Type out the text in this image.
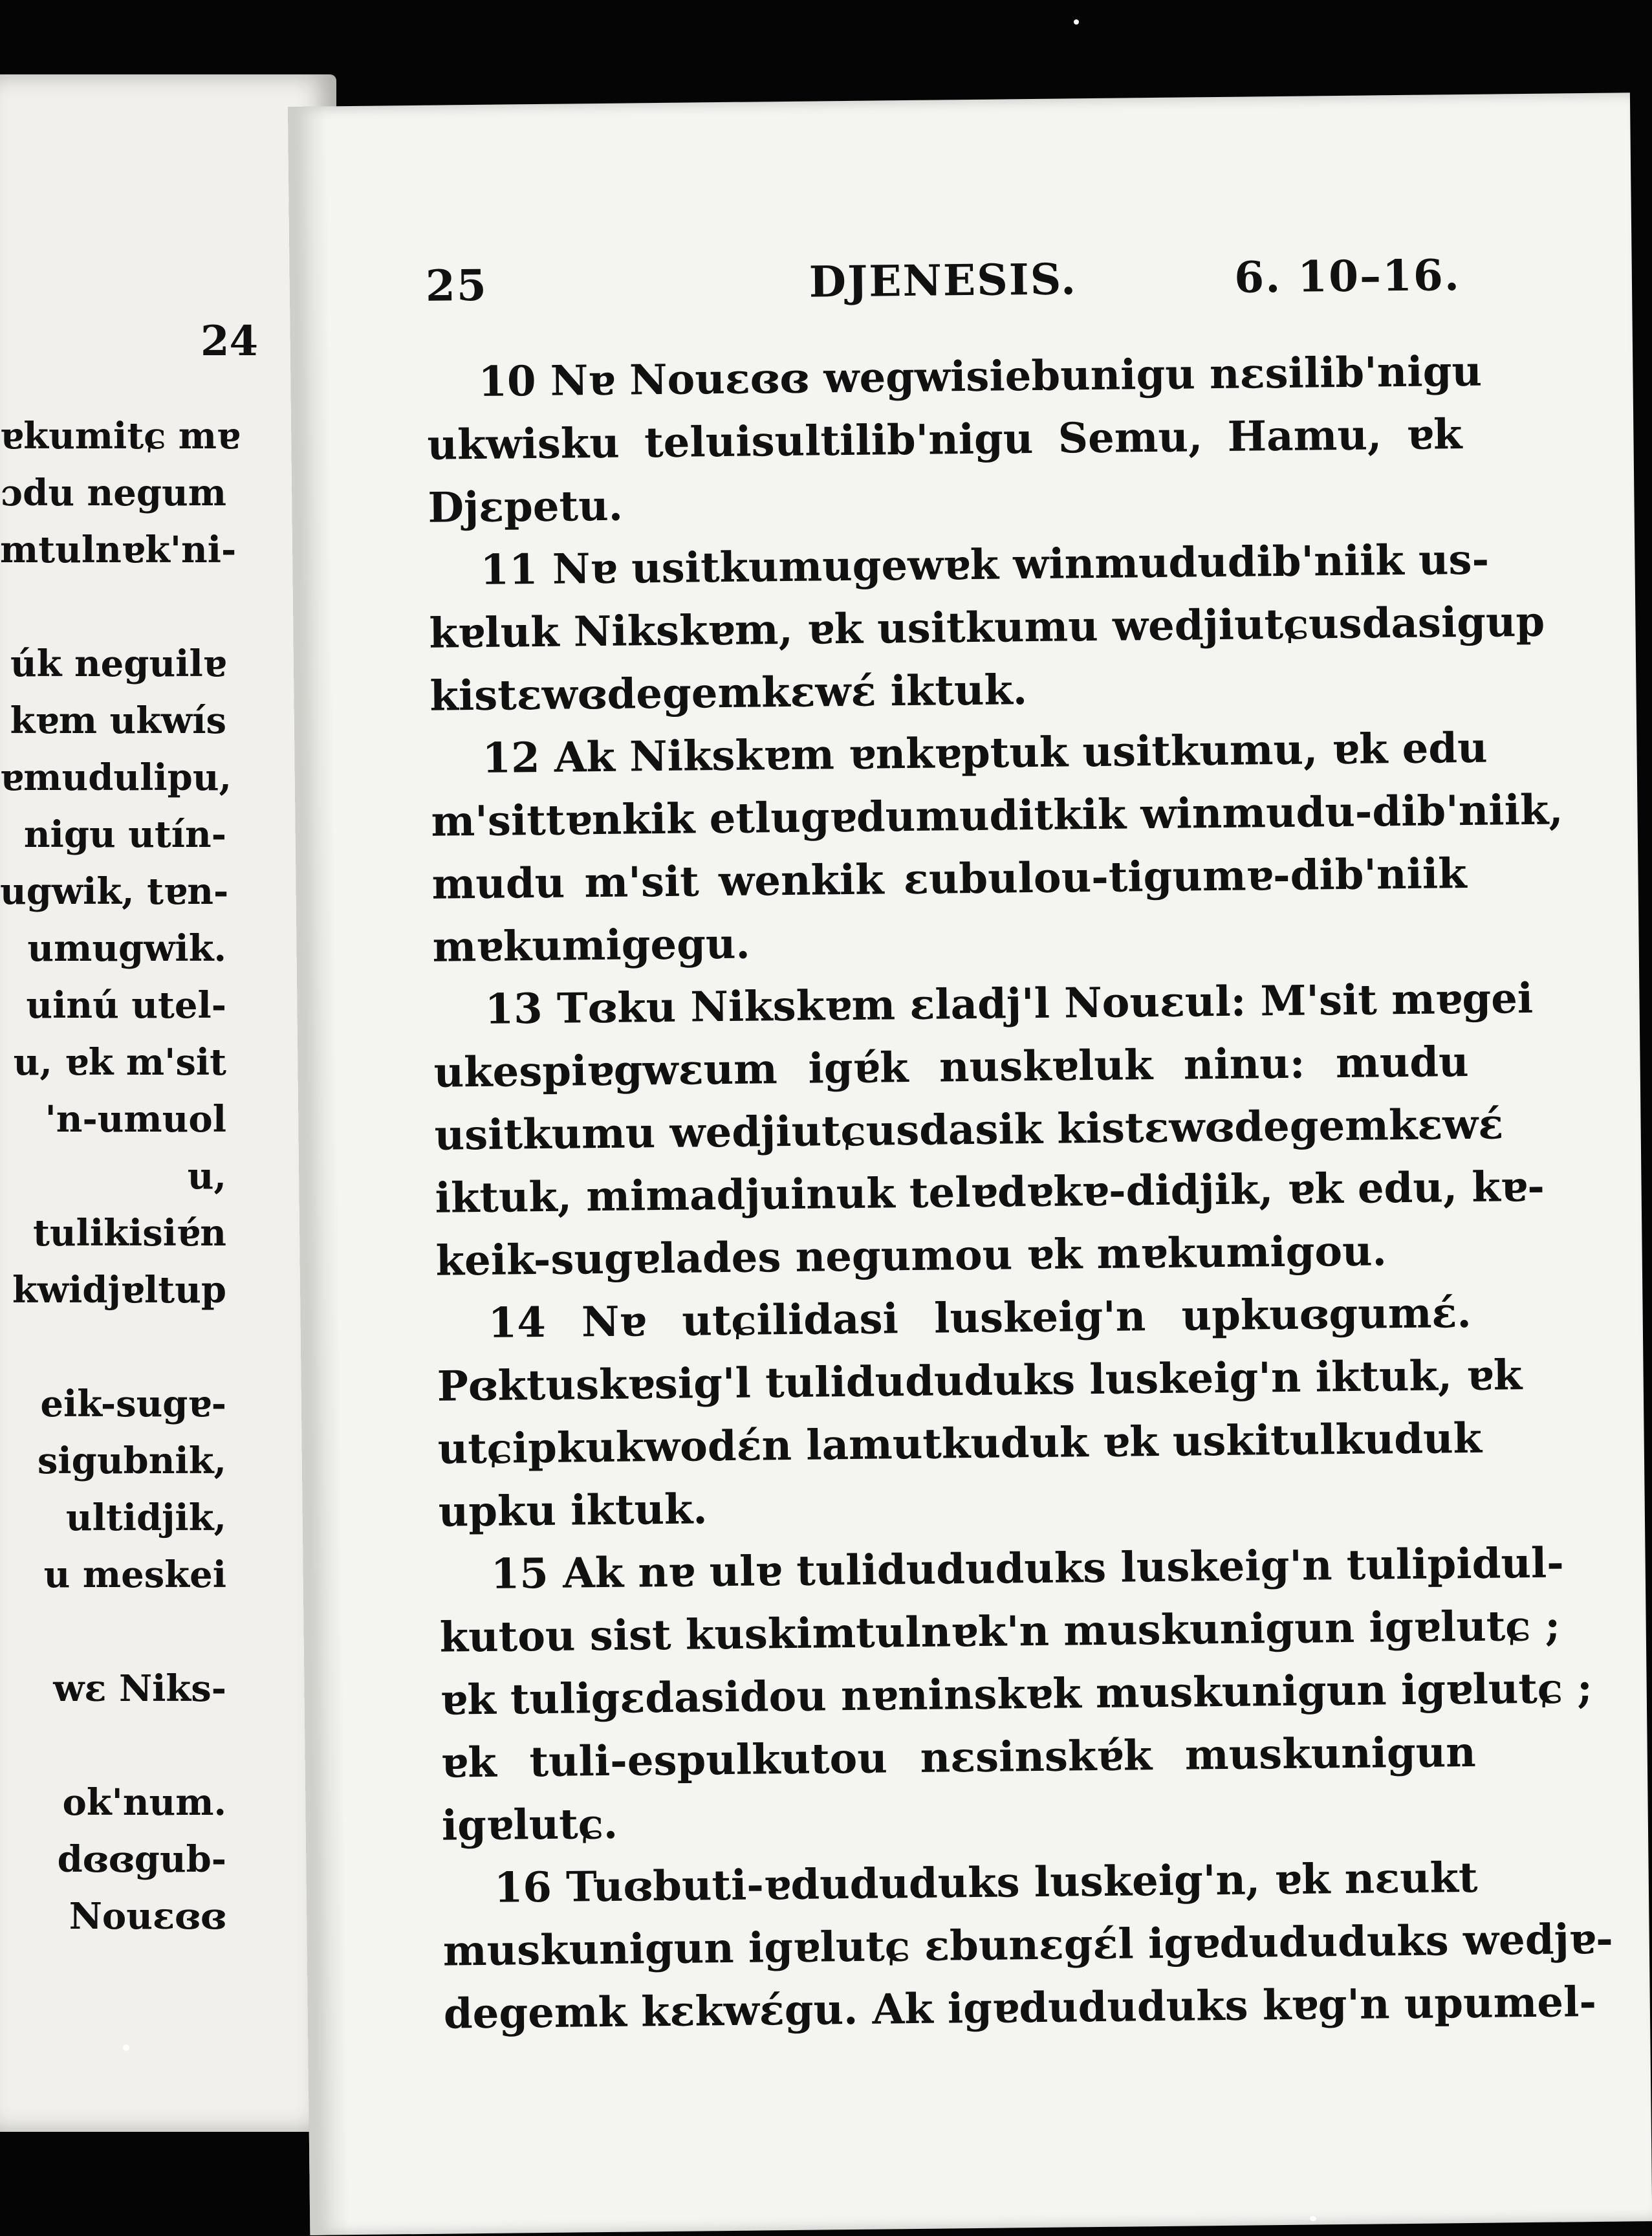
24
ɐkumitɕ mɐ
ɔdu negum
mtulnɐk'ni-
úk neguilɐ
kɐm ukwís
ɐmudulipu,
nigu utín-
ugwik, tɐn-
umugwik.
uinú utel-
u, ɐk m'sit
'n-umuol
u,
tulikisiɐ́n
kwidjɐltup
eik-sugɐ-
sigubnik,
ultidjik,
u meskei
wɛ Niks-
ok'num.
dɞɞgub-
Nouɛɞɞ
25	DJENESIS.	6. 10–16.
10 Nɐ Nouɛɞɞ wegwisiebunigu nɛsilib'nigu
ukwisku teluisultilib'nigu Semu, Hamu, ɐk
Djɛpetu.
11 Nɐ usitkumugewɐk winmududib'niik us-
kɐluk Nikskɐm, ɐk usitkumu wedjiutɕusdasigup
kistɛwɞdegemkɛwɛ́ iktuk.
12 Ak Nikskɐm ɐnkɐptuk usitkumu, ɐk edu
m'sittɐnkik etlugɐdumuditkik winmudu-dib'niik,
mudu m'sit wenkik ɛubulou-tigumɐ-dib'niik
mɐkumigegu.
13 Tɞku Nikskɐm ɛladj'l Nouɛul: M'sit mɐgei
ukespiɐgwɛum igɐ́k nuskɐluk ninu: mudu
usitkumu wedjiutɕusdasik kistɛwɞdegemkɛwɛ́
iktuk, mimadjuinuk telɐdɐkɐ-didjik, ɐk edu, kɐ-
keik-sugɐlades negumou ɐk mɐkumigou.
14 Nɐ utɕilidasi luskeig'n upkuɞgumɛ́.
Pɞktuskɐsig'l tulidududuks luskeig'n iktuk, ɐk
utɕipkukwodɛ́n lamutkuduk ɐk uskitulkuduk
upku iktuk.
15 Ak nɐ ulɐ tulidududuks luskeig'n tulipidul-
kutou sist kuskimtulnɐk'n muskunigun igɐlutɕ ;
ɐk tuligɛdasidou nɐninskɐk muskunigun igɐlutɕ ;
ɐk tuli-espulkutou nɛsinskɐ́k muskunigun
igɐlutɕ.
16 Tuɞbuti-ɐdududuks luskeig'n, ɐk nɛukt
muskunigun igɐlutɕ ɛbunɛgɛ́l igɐdududuks wedjɐ-
degemk kɛkwɛ́gu. Ak igɐdududuks kɐg'n upumel-
